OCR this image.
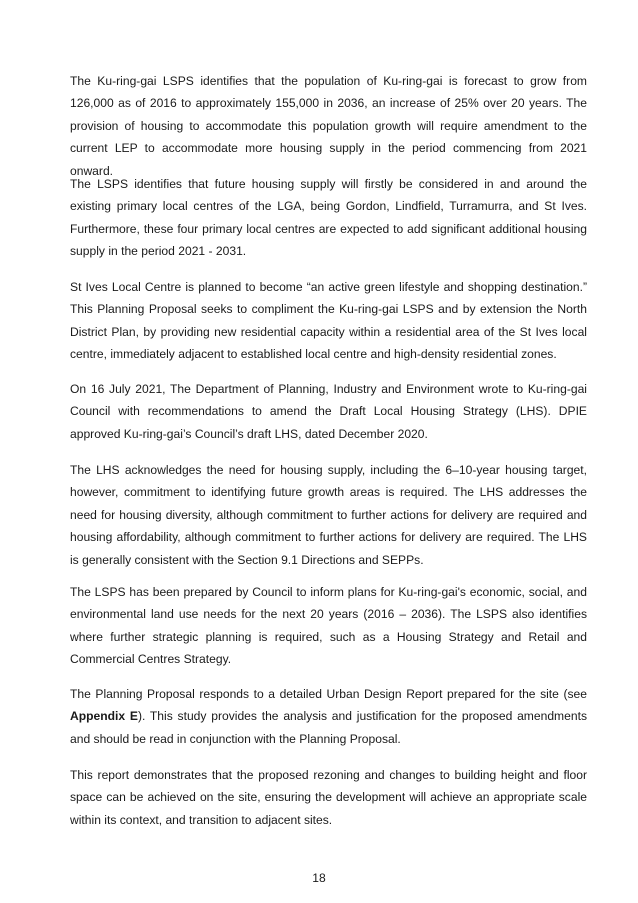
The Ku-ring-gai LSPS identifies that the population of Ku-ring-gai is forecast to grow from 126,000 as of 2016 to approximately 155,000 in 2036, an increase of 25% over 20 years. The provision of housing to accommodate this population growth will require amendment to the current LEP to accommodate more housing supply in the period commencing from 2021 onward.

The LSPS identifies that future housing supply will firstly be considered in and around the existing primary local centres of the LGA, being Gordon, Lindfield, Turramurra, and St Ives. Furthermore, these four primary local centres are expected to add significant additional housing supply in the period 2021 - 2031.

St Ives Local Centre is planned to become “an active green lifestyle and shopping destination.” This Planning Proposal seeks to compliment the Ku-ring-gai LSPS and by extension the North District Plan, by providing new residential capacity within a residential area of the St Ives local centre, immediately adjacent to established local centre and high-density residential zones.

On 16 July 2021, The Department of Planning, Industry and Environment wrote to Ku-ring-gai Council with recommendations to amend the Draft Local Housing Strategy (LHS). DPIE approved Ku-ring-gai’s Council’s draft LHS, dated December 2020.

The LHS acknowledges the need for housing supply, including the 6–10-year housing target, however, commitment to identifying future growth areas is required. The LHS addresses the need for housing diversity, although commitment to further actions for delivery are required and housing affordability, although commitment to further actions for delivery are required. The LHS is generally consistent with the Section 9.1 Directions and SEPPs.

The LSPS has been prepared by Council to inform plans for Ku-ring-gai's economic, social, and environmental land use needs for the next 20 years (2016 – 2036). The LSPS also identifies where further strategic planning is required, such as a Housing Strategy and Retail and Commercial Centres Strategy.

The Planning Proposal responds to a detailed Urban Design Report prepared for the site (see Appendix E). This study provides the analysis and justification for the proposed amendments and should be read in conjunction with the Planning Proposal.

This report demonstrates that the proposed rezoning and changes to building height and floor space can be achieved on the site, ensuring the development will achieve an appropriate scale within its context, and transition to adjacent sites.

18
